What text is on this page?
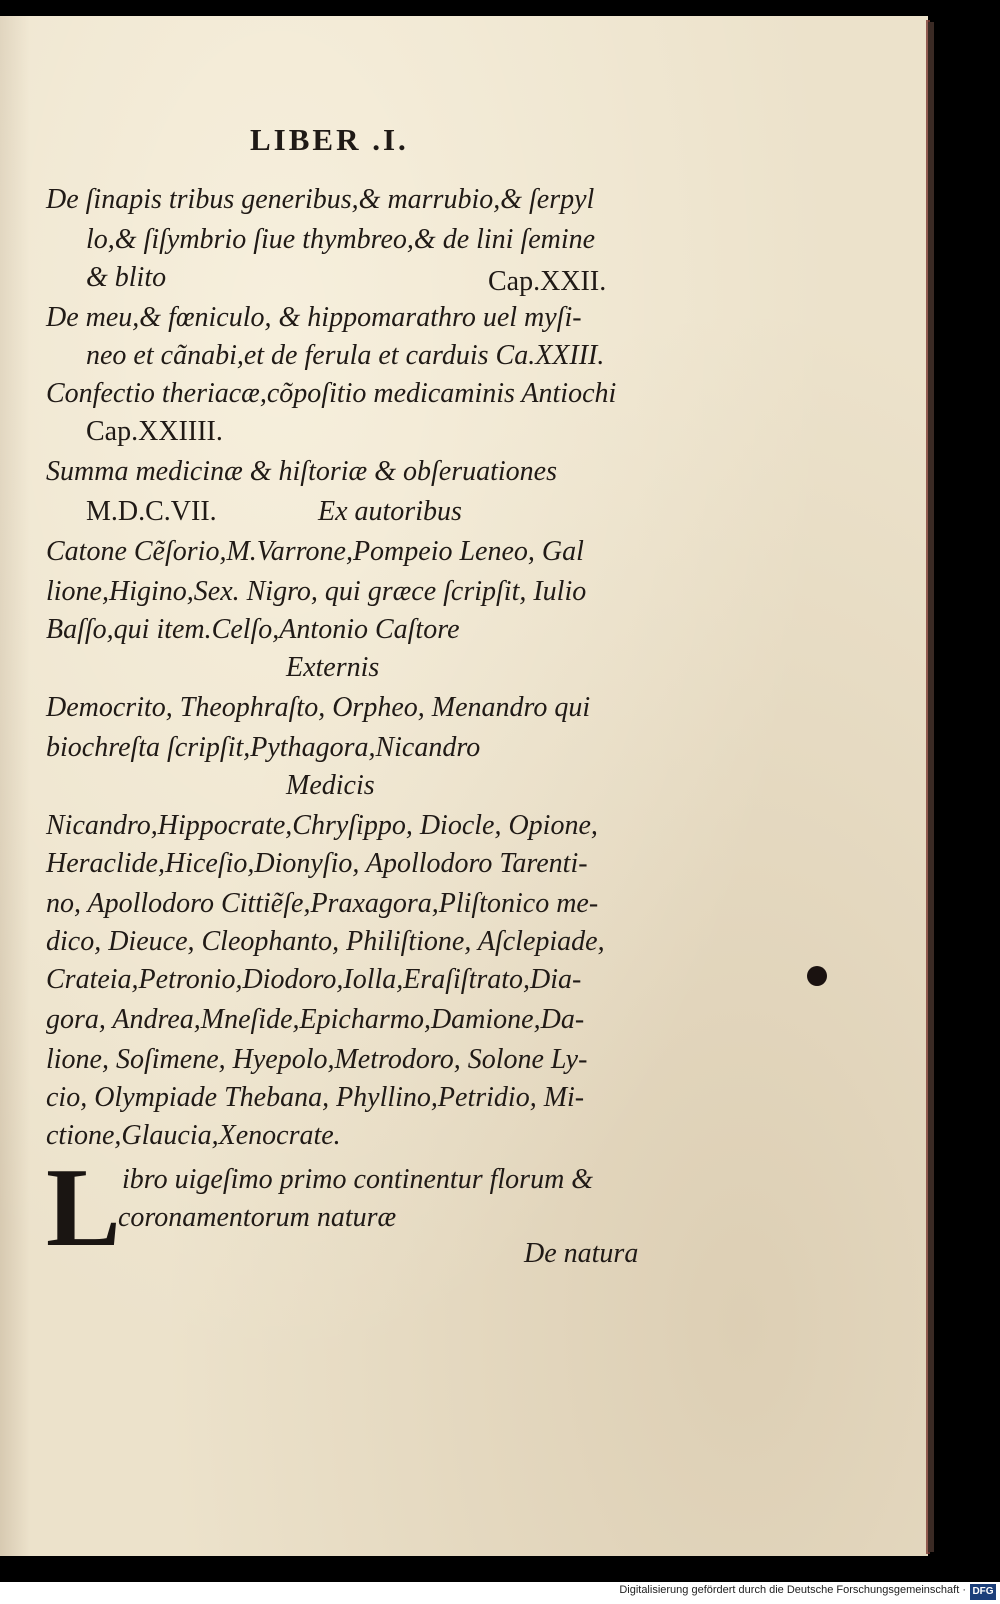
LIBER .I.
De ſinapis tribus generibus,& marrubio,& ſerpyl
lo,& ſiſymbrio ſiue thymbreo,& de lini ſemine
& blito	Cap.XXII.
De meu,& fœniculo, & hippomarathro uel myſi-
neo et cãnabi,et de ferula et carduis Ca.XXIII.
Confectio theriacæ,cõpoſitio medicaminis Antiochi
Cap.XXIIII.
Summa medicinæ & hiſtoriæ & obſeruationes
M.D.C.VII.	Ex autoribus
Catone Cẽſorio,M.Varrone,Pompeio Leneo, Gal
lione,Higino,Sex. Nigro, qui græce ſcripſit, Iulio
Baſſo,qui item.Celſo,Antonio Caſtore
Externis
Democrito, Theophraſto, Orpheo, Menandro qui
biochreſta ſcripſit,Pythagora,Nicandro
Medicis
Nicandro,Hippocrate,Chryſippo, Diocle, Opione,
Heraclide,Hiceſio,Dionyſio, Apollodoro Tarenti-
no, Apollodoro Cittiẽſe,Praxagora,Pliſtonico me-
dico, Dieuce, Cleophanto, Philiſtione, Aſclepiade,
Crateia,Petronio,Diodoro,Iolla,Eraſiſtrato,Dia-
gora, Andrea,Mneſide,Epicharmo,Damione,Da-
lione, Soſimene, Hyepolo,Metrodoro, Solone Ly-
cio, Olympiade Thebana, Phyllino,Petridio, Mi-
ctione,Glaucia,Xenocrate.
L ibro uigeſimo primo continentur florum &
coronamentorum naturæ
De natura
Digitalisierung gefördert durch die Deutsche Forschungsgemeinschaft · DFG
